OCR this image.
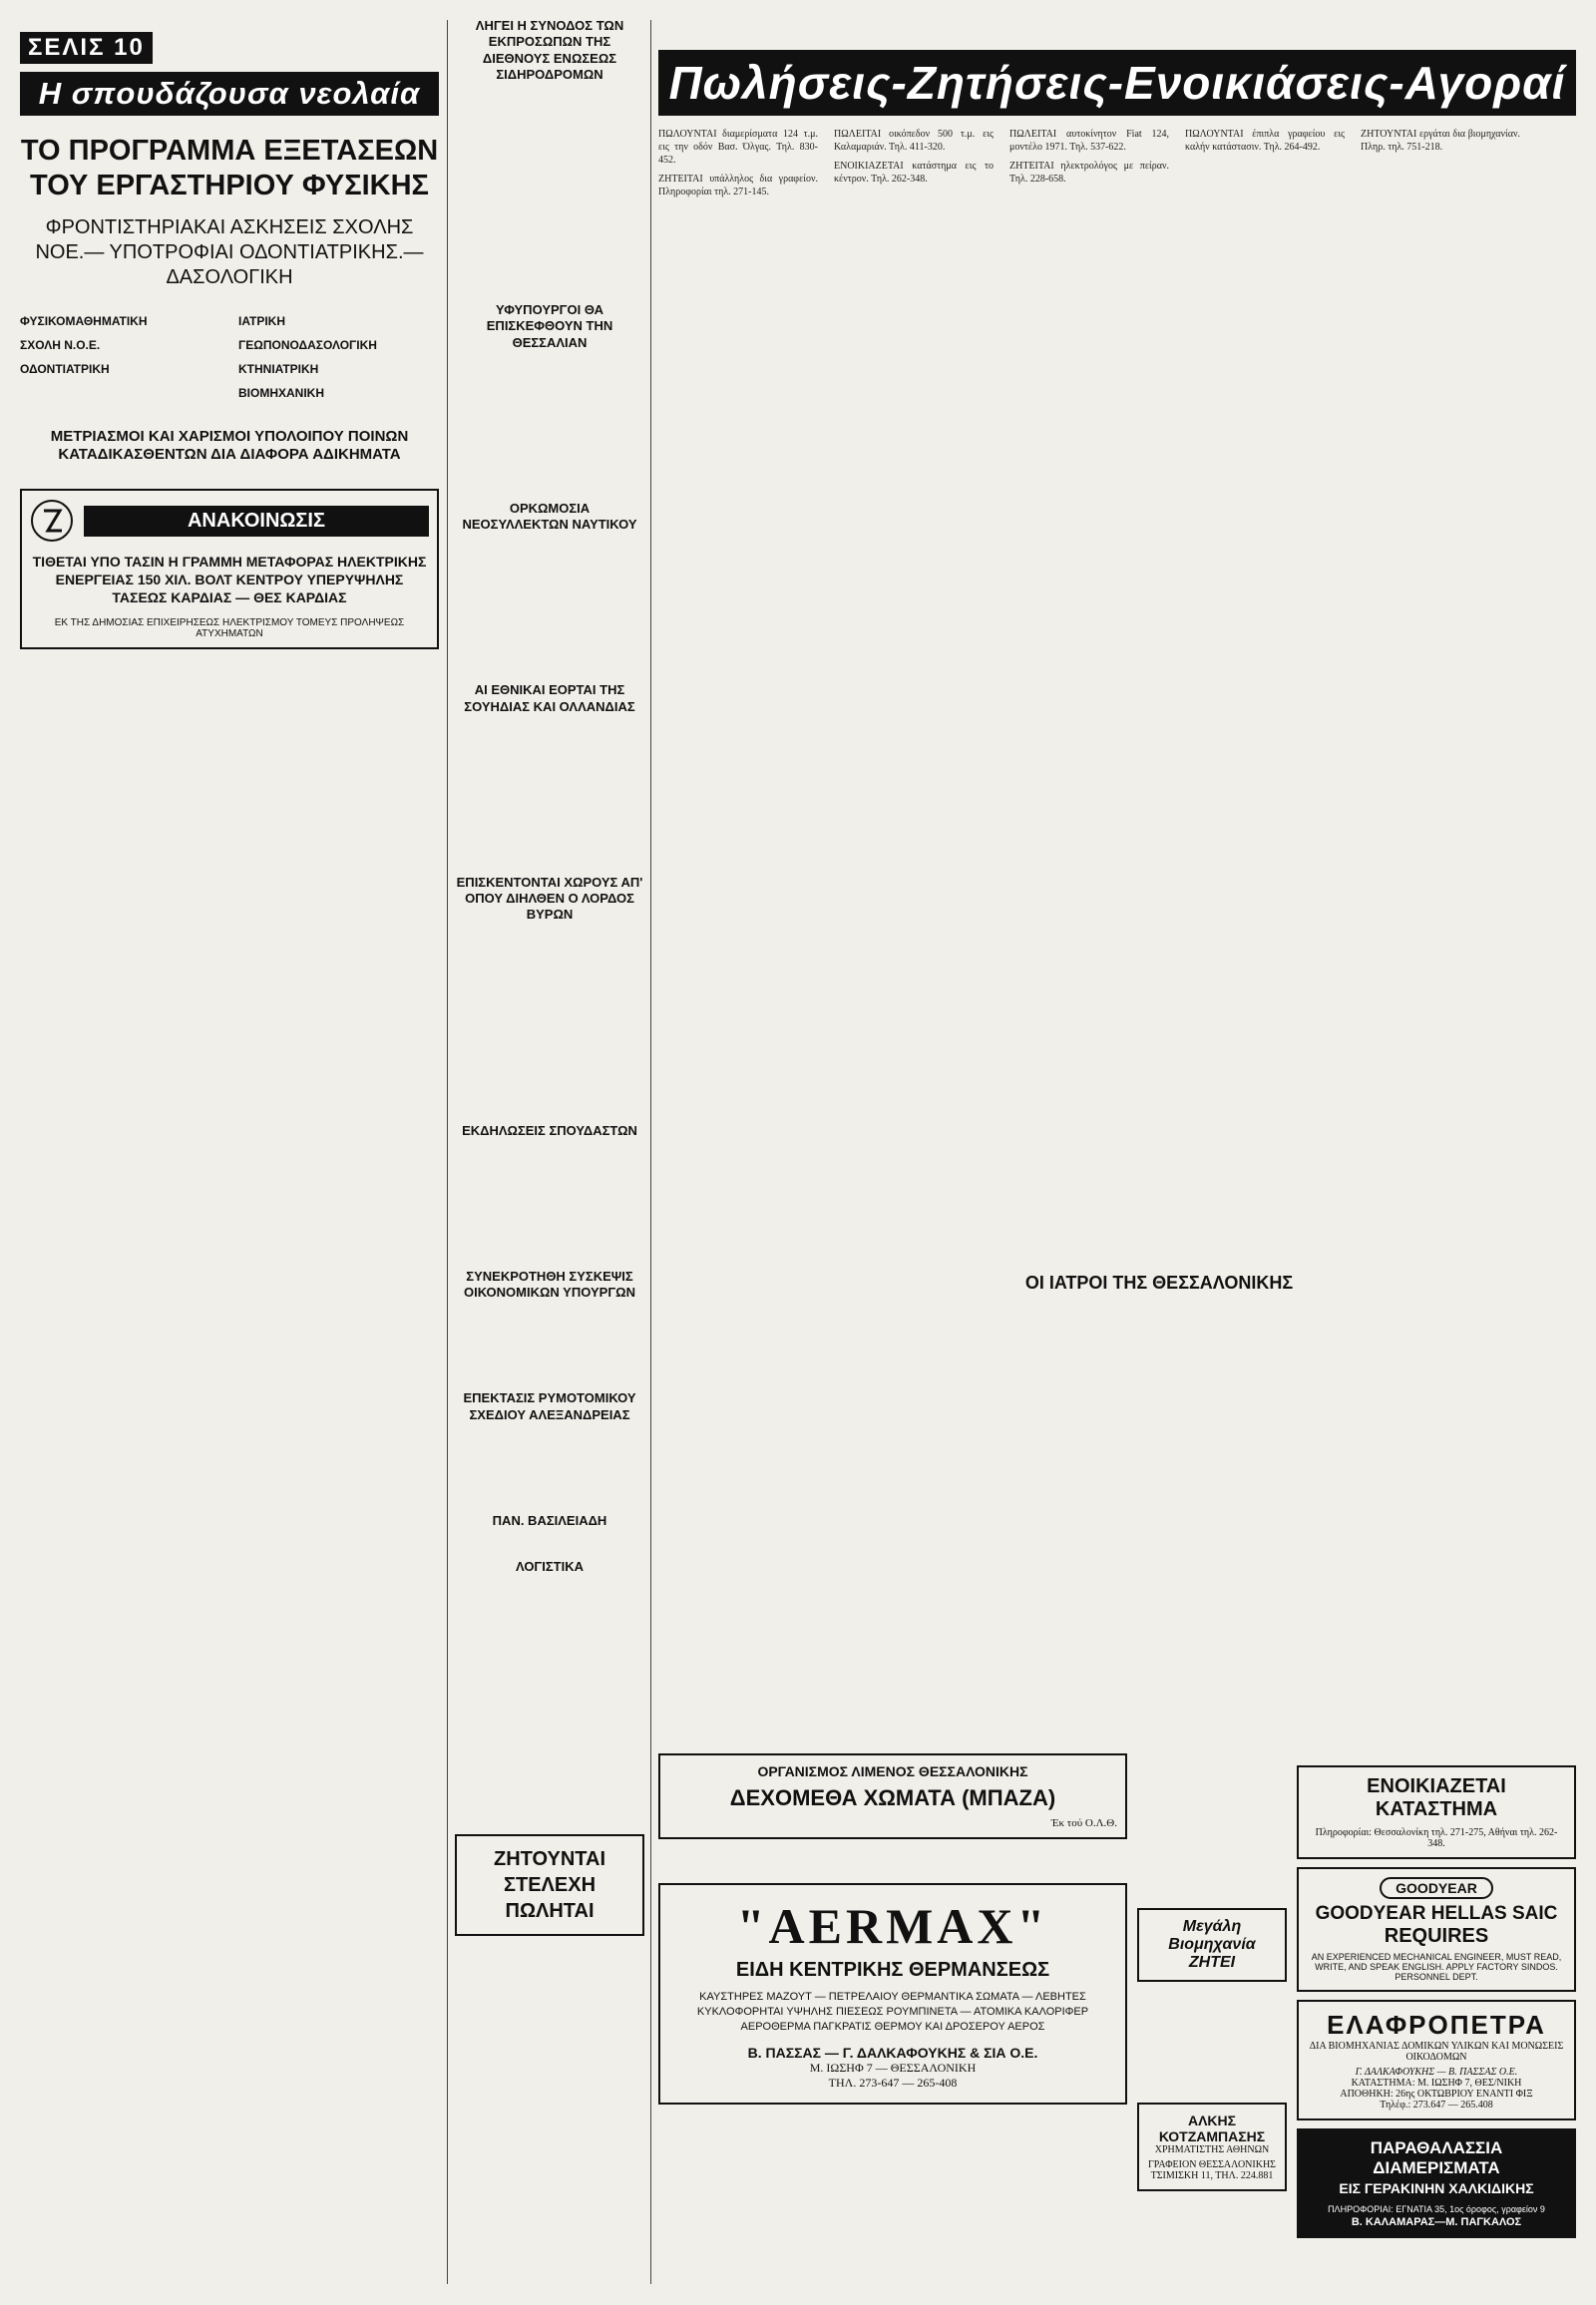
ΣΕΛΙΣ 10
Η σπουδάζουσα νεολαία
ΤΟ ΠΡΟΓΡΑΜΜΑ ΕΞΕΤΑΣΕΩΝ ΤΟΥ ΕΡΓΑΣΤΗΡΙΟΥ ΦΥΣΙΚΗΣ
ΦΡΟΝΤΙΣΤΗΡΙΑΚΑΙ ΑΣΚΗΣΕΙΣ ΣΧΟΛΗΣ ΝΟΕ.— ΥΠΟΤΡΟΦΙΑΙ ΟΔΟΝΤΙΑΤΡΙΚΗΣ.— ΔΑΣΟΛΟΓΙΚΗ
ΦΥΣΙΚΟΜΑΘΗΜΑΤΙΚΗ
ΣΧΟΛΗ Ν.Ο.Ε.
ΟΔΟΝΤΙΑΤΡΙΚΗ
ΙΑΤΡΙΚΗ
ΓΕΩΠΟΝΟΔΑΣΟΛΟΓΙΚΗ
ΚΤΗΝΙΑΤΡΙΚΗ
ΒΙΟΜΗΧΑΝΙΚΗ
ΜΕΤΡΙΑΣΜΟΙ ΚΑΙ ΧΑΡΙΣΜΟΙ ΥΠΟΛΟΙΠΟΥ ΠΟΙΝΩΝ ΚΑΤΑΔΙΚΑΣΘΕΝΤΩΝ ΔΙΑ ΔΙΑΦΟΡΑ ΑΔΙΚΗΜΑΤΑ
ΑΝΑΚΟΙΝΩΣΙΣ
ΤΙΘΕΤΑΙ ΥΠΟ ΤΑΣΙΝ Η ΓΡΑΜΜΗ ΜΕΤΑΦΟΡΑΣ ΗΛΕΚΤΡΙΚΗΣ ΕΝΕΡΓΕΙΑΣ 150 ΧΙΛ. ΒΟΛΤ ΚΕΝΤΡΟΥ ΥΠΕΡΥΨΗΛΗΣ ΤΑΣΕΩΣ ΚΑΡΔΙΑΣ — ΘΕΣ ΚΑΡΔΙΑΣ
ΕΚ ΤΗΣ ΔΗΜΟΣΙΑΣ ΕΠΙΧΕΙΡΗΣΕΩΣ ΗΛΕΚΤΡΙΣΜΟΥ ΤΟΜΕΥΣ ΠΡΟΛΗΨΕΩΣ ΑΤΥΧΗΜΑΤΩΝ
ΛΗΓΕΙ Η ΣΥΝΟΔΟΣ ΤΩΝ ΕΚΠΡΟΣΩΠΩΝ ΤΗΣ ΔΙΕΘΝΟΥΣ ΕΝΩΣΕΩΣ ΣΙΔΗΡΟΔΡΟΜΩΝ
ΥΦΥΠΟΥΡΓΟΙ ΘΑ ΕΠΙΣΚΕΦΘΟΥΝ ΤΗΝ ΘΕΣΣΑΛΙΑΝ
ΟΡΚΩΜΟΣΙΑ ΝΕΟΣΥΛΛΕΚΤΩΝ ΝΑΥΤΙΚΟΥ
ΑΙ ΕΘΝΙΚΑΙ ΕΟΡΤΑΙ ΤΗΣ ΣΟΥΗΔΙΑΣ ΚΑΙ ΟΛΛΑΝΔΙΑΣ
ΕΠΙΣΚΕΝΤΟΝΤΑΙ ΧΩΡΟΥΣ ΑΠ' ΟΠΟΥ ΔΙΗΛΘΕΝ Ο ΛΟΡΔΟΣ ΒΥΡΩΝ
ΕΚΔΗΛΩΣΕΙΣ ΣΠΟΥΔΑΣΤΩΝ
ΣΥΝΕΚΡΟΤΗΘΗ ΣΥΣΚΕΨΙΣ ΟΙΚΟΝΟΜΙΚΩΝ ΥΠΟΥΡΓΩΝ
ΕΠΕΚΤΑΣΙΣ ΡΥΜΟΤΟΜΙΚΟΥ ΣΧΕΔΙΟΥ ΑΛΕΞΑΝΔΡΕΙΑΣ
ΠΑΝ. ΒΑΣΙΛΕΙΑΔΗ
ΛΟΓΙΣΤΙΚΑ
ΖΗΤΟΥΝΤΑΙ ΣΤΕΛΕΧΗ ΠΩΛΗΤΑΙ
Πωλήσεις-Ζητήσεις-Ενοικιάσεις-Αγοραί

ΠΩΛΟΥΝΤΑΙ διαμερίσματα 124 τ.μ. εις την οδόν Βασ. Όλγας. Τηλ. 830-452.

ΖΗΤΕΙΤΑΙ υπάλληλος δια γραφείον. Πληροφορίαι τηλ. 271-145.

ΠΩΛΕΙΤΑΙ οικόπεδον 500 τ.μ. εις Καλαμαριάν. Τηλ. 411-320.

ΕΝΟΙΚΙΑΖΕΤΑΙ κατάστημα εις το κέντρον. Τηλ. 262-348.

ΠΩΛΕΙΤΑΙ αυτοκίνητον Fiat 124, μοντέλο 1971. Τηλ. 537-622.

ΖΗΤΕΙΤΑΙ ηλεκτρολόγος με πείραν. Τηλ. 228-658.

ΠΩΛΟΥΝΤΑΙ έπιπλα γραφείου εις καλήν κατάστασιν. Τηλ. 264-492.

ΖΗΤΟΥΝΤΑΙ εργάται δια βιομηχανίαν. Πληρ. τηλ. 751-218.

ΟΙ ΙΑΤΡΟΙ ΤΗΣ ΘΕΣΣΑΛΟΝΙΚΗΣ
ΟΡΓΑΝΙΣΜΟΣ ΛΙΜΕΝΟΣ ΘΕΣΣΑΛΟΝΙΚΗΣ
ΔΕΧΟΜΕΘΑ ΧΩΜΑΤΑ (ΜΠΑΖΑ)
Έκ τού Ο.Λ.Θ.
"AERMAX"
ΕΙΔΗ ΚΕΝΤΡΙΚΗΣ ΘΕΡΜΑΝΣΕΩΣ
ΚΑΥΣΤΗΡΕΣ ΜΑΖΟΥΤ — ΠΕΤΡΕΛΑΙΟΥ ΘΕΡΜΑΝΤΙΚΑ ΣΩΜΑΤΑ — ΛΕΒΗΤΕΣ ΚΥΚΛΟΦΟΡΗΤΑΙ ΥΨΗΛΗΣ ΠΙΕΣΕΩΣ ΡΟΥΜΠΙΝΕΤΑ — ΑΤΟΜΙΚΑ ΚΑΛΟΡΙΦΕΡ ΑΕΡΟΘΕΡΜΑ ΠΑΓΚΡΑΤΙΣ ΘΕΡΜΟΥ ΚΑΙ ΔΡΟΣΕΡΟΥ ΑΕΡΟΣ
Β. ΠΑΣΣΑΣ — Γ. ΔΑΛΚΑΦΟΥΚΗΣ & ΣΙΑ Ο.Ε.
Μ. ΙΩΣΗΦ 7 — ΘΕΣΣΑΛΟΝΙΚΗ
ΤΗΛ. 273-647 — 265-408
Μεγάλη Βιομηχανία ΖΗΤΕΙ
ΑΛΚΗΣ ΚΟΤΖΑΜΠΑΣΗΣ
ΧΡΗΜΑΤΙΣΤΗΣ ΑΘΗΝΩΝ
ΓΡΑΦΕΙΟΝ ΘΕΣΣΑΛΟΝΙΚΗΣ ΤΣΙΜΙΣΚΗ 11, ΤΗΛ. 224.881
ΕΝΟΙΚΙΑΖΕΤΑΙ ΚΑΤΑΣΤΗΜΑ
Πληροφορίαι: Θεσσαλονίκη τηλ. 271-275, Αθήναι τηλ. 262-348.
GOODYEAR
GOODYEAR HELLAS SAIC
REQUIRES
AN EXPERIENCED MECHANICAL ENGINEER, MUST READ, WRITE, AND SPEAK ENGLISH. APPLY FACTORY SINDOS. PERSONNEL DEPT.
ΕΛΑΦΡΟΠΕΤΡΑ
ΔΙΑ ΒΙΟΜΗΧΑΝΙΑΣ ΔΟΜΙΚΩΝ ΥΛΙΚΩΝ ΚΑΙ ΜΟΝΩΣΕΙΣ ΟΙΚΟΔΟΜΩΝ
Γ. ΔΑΛΚΑΦΟΥΚΗΣ — Β. ΠΑΣΣΑΣ Ο.Ε.
ΚΑΤΑΣΤΗΜΑ: Μ. ΙΩΣΗΦ 7, ΘΕΣ/ΝΙΚΗ
ΑΠΟΘΗΚΗ: 26ης ΟΚΤΩΒΡΙΟΥ ΕΝΑΝΤΙ ΦΙΞ
Τηλέφ.: 273.647 — 265.408
ΠΑΡΑΘΑΛΑΣΣΙΑ ΔΙΑΜΕΡΙΣΜΑΤΑ
ΕΙΣ ΓΕΡΑΚΙΝΗΝ ΧΑΛΚΙΔΙΚΗΣ
ΠΛΗΡΟΦΟΡΙΑΙ: ΕΓΝΑΤΙΑ 35, 1ος όροφος, γραφείον 9
Β. ΚΑΛΑΜΑΡΑΣ—Μ. ΠΑΓΚΑΛΟΣ
